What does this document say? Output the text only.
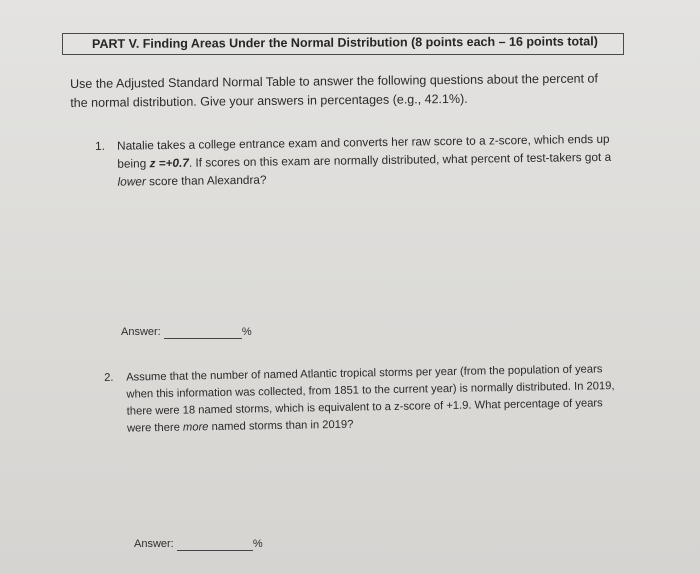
PART V. Finding Areas Under the Normal Distribution (8 points each – 16 points total)
Use the Adjusted Standard Normal Table to answer the following questions about the percent of the normal distribution. Give your answers in percentages (e.g., 42.1%).
1. Natalie takes a college entrance exam and converts her raw score to a z-score, which ends up being z =+0.7. If scores on this exam are normally distributed, what percent of test-takers got a lower score than Alexandra?
Answer:	%
2. Assume that the number of named Atlantic tropical storms per year (from the population of years when this information was collected, from 1851 to the current year) is normally distributed. In 2019, there were 18 named storms, which is equivalent to a z-score of +1.9. What percentage of years were there more named storms than in 2019?
Answer:	%
